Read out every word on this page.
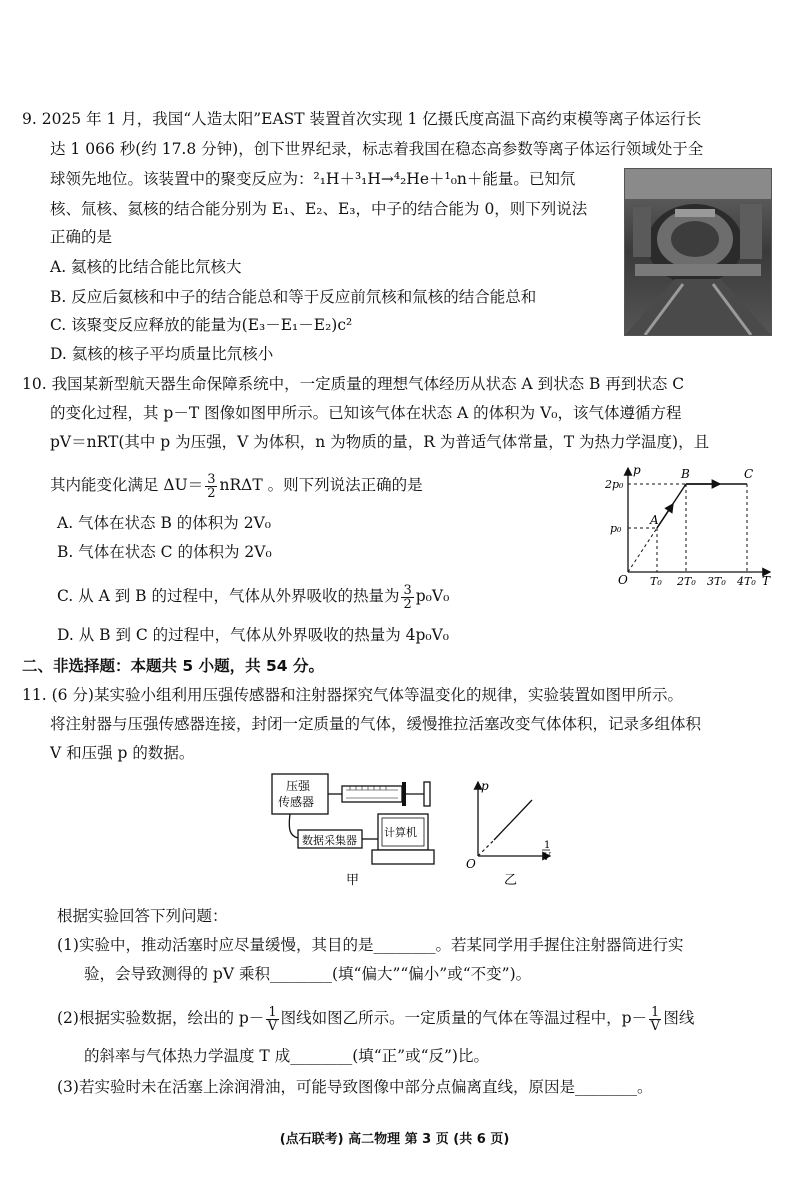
9. 2025 年 1 月，我国“人造太阳”EAST 装置首次实现 1 亿摄氏度高温下高约束模等离子体运行长
达 1 066 秒(约 17.8 分钟)，创下世界纪录，标志着我国在稳态高参数等离子体运行领域处于全
球领先地位。该装置中的聚变反应为：²₁H＋³₁H→⁴₂He＋¹₀n＋能量。已知氘
核、氚核、氦核的结合能分别为 E₁、E₂、E₃，中子的结合能为 0，则下列说法
正确的是
A. 氦核的比结合能比氘核大
B. 反应后氦核和中子的结合能总和等于反应前氘核和氚核的结合能总和
C. 该聚变反应释放的能量为(E₃－E₁－E₂)c²
D. 氦核的核子平均质量比氘核小
10. 我国某新型航天器生命保障系统中，一定质量的理想气体经历从状态 A 到状态 B 再到状态 C
的变化过程，其 p－T 图像如图甲所示。已知该气体在状态 A 的体积为 V₀，该气体遵循方程
pV＝nRT(其中 p 为压强，V 为体积，n 为物质的量，R 为普适气体常量，T 为热力学温度)，且
其内能变化满足 $\Delta U= \frac{3}{2}$ nRΔT 。则下列说法正确的是
A. 气体在状态 B 的体积为 2V₀
B. 气体在状态 C 的体积为 2V₀
C. 从 A 到 B 的过程中，气体从外界吸收的热量为 $\frac{3}{2} p_0V_0$
D. 从 B 到 C 的过程中，气体从外界吸收的热量为 4p₀V₀
p
T
O
2p₀
p₀
T₀ 2T₀ 3T₀ 4T₀
A
B	C
二、非选择题：本题共 5 小题，共 54 分。
11. (6 分)某实验小组利用压强传感器和注射器探究气体等温变化的规律，实验装置如图甲所示。
将注射器与压强传感器连接，封闭一定质量的气体，缓慢推拉活塞改变气体体积，记录多组体积
V 和压强 p 的数据。
压强
传感器
数据采集器
计算机
甲
p
O
1
V
乙
根据实验回答下列问题：
(1)实验中，推动活塞时应尽量缓慢，其目的是________。若某同学用手握住注射器筒进行实
验，会导致测得的 pV 乘积________(填“偏大”“偏小”或“不变”)。
(2)根据实验数据，绘出的 $p- \frac{1}{V}$ 图线如图乙所示。一定质量的气体在等温过程中，$p- \frac{1}{V}$ 图线
的斜率与气体热力学温度 T 成________(填“正”或“反”)比。
(3)若实验时未在活塞上涂润滑油，可能导致图像中部分点偏离直线，原因是________。
(点石联考) 高二物理 第 3 页 (共 6 页)
